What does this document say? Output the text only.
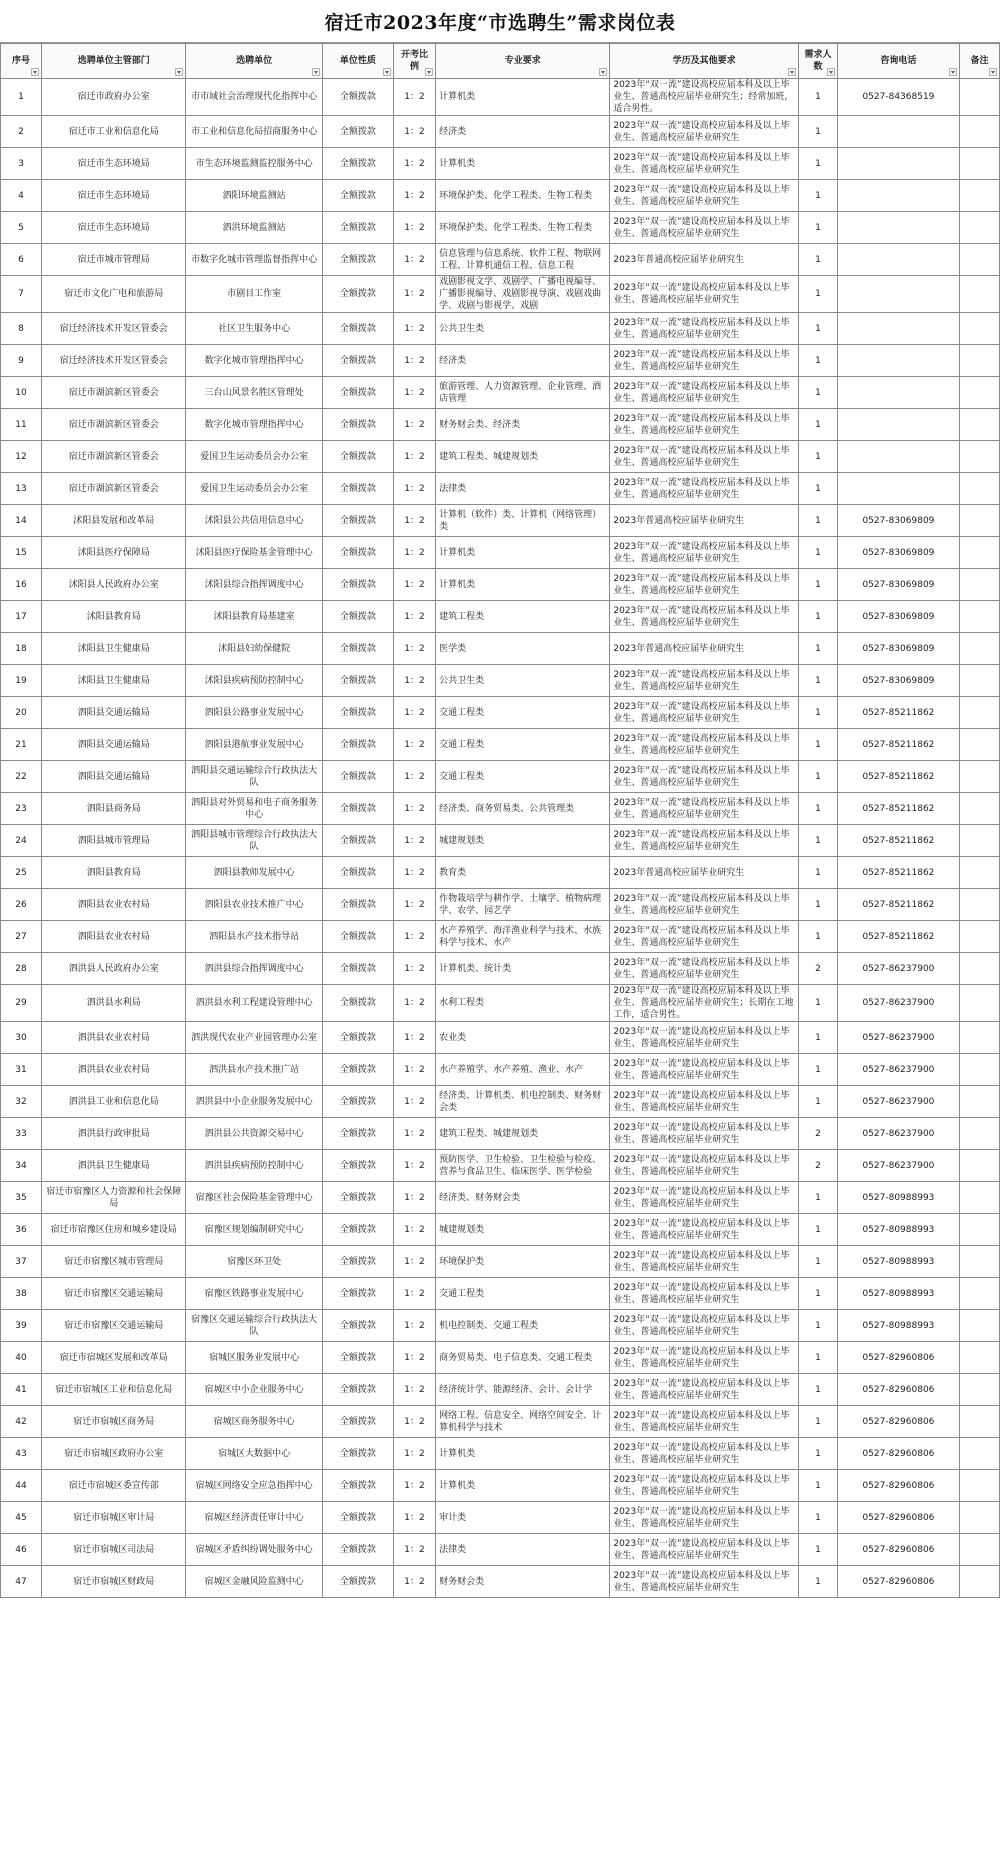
宿迁市2023年度“市选聘生”需求岗位表
序号	选聘单位主管部门	选聘单位	单位性质	开考比例	专业要求	学历及其他要求	需求人数	咨询电话	备注

1	宿迁市政府办公室	市市域社会治理现代化指挥中心	全额拨款	1：2	计算机类	2023年“双一流”建设高校应届本科及以上毕业生、普通高校应届毕业研究生；经常加班，适合男性。	1	0527-84368519	
2	宿迁市工业和信息化局	市工业和信息化局招商服务中心	全额拨款	1：2	经济类	2023年“双一流”建设高校应届本科及以上毕业生、普通高校应届毕业研究生	1		
3	宿迁市生态环境局	市生态环境监测监控服务中心	全额拨款	1：2	计算机类	2023年“双一流”建设高校应届本科及以上毕业生、普通高校应届毕业研究生	1		
4	宿迁市生态环境局	泗阳环境监测站	全额拨款	1：2	环境保护类、化学工程类、生物工程类	2023年“双一流”建设高校应届本科及以上毕业生、普通高校应届毕业研究生	1		
5	宿迁市生态环境局	泗洪环境监测站	全额拨款	1：2	环境保护类、化学工程类、生物工程类	2023年“双一流”建设高校应届本科及以上毕业生、普通高校应届毕业研究生	1		
6	宿迁市城市管理局	市数字化城市管理监督指挥中心	全额拨款	1：2	信息管理与信息系统、软件工程、物联网工程、计算机通信工程、信息工程	2023年普通高校应届毕业研究生	1		
7	宿迁市文化广电和旅游局	市剧目工作室	全额拨款	1：2	戏剧影视文学、戏剧学、广播电视编导、广播影视编导、戏剧影视导演、戏剧戏曲学、戏剧与影视学、戏剧	2023年“双一流”建设高校应届本科及以上毕业生、普通高校应届毕业研究生	1		
8	宿迁经济技术开发区管委会	社区卫生服务中心	全额拨款	1：2	公共卫生类	2023年“双一流”建设高校应届本科及以上毕业生、普通高校应届毕业研究生	1		
9	宿迁经济技术开发区管委会	数字化城市管理指挥中心	全额拨款	1：2	经济类	2023年“双一流”建设高校应届本科及以上毕业生、普通高校应届毕业研究生	1		
10	宿迁市湖滨新区管委会	三台山风景名胜区管理处	全额拨款	1：2	旅游管理、人力资源管理、企业管理、酒店管理	2023年“双一流”建设高校应届本科及以上毕业生、普通高校应届毕业研究生	1		
11	宿迁市湖滨新区管委会	数字化城市管理指挥中心	全额拨款	1：2	财务财会类、经济类	2023年“双一流”建设高校应届本科及以上毕业生、普通高校应届毕业研究生	1		
12	宿迁市湖滨新区管委会	爱国卫生运动委员会办公室	全额拨款	1：2	建筑工程类、城建规划类	2023年“双一流”建设高校应届本科及以上毕业生、普通高校应届毕业研究生	1		
13	宿迁市湖滨新区管委会	爱国卫生运动委员会办公室	全额拨款	1：2	法律类	2023年“双一流”建设高校应届本科及以上毕业生、普通高校应届毕业研究生	1		
14	沭阳县发展和改革局	沭阳县公共信用信息中心	全额拨款	1：2	计算机（软件）类、计算机（网络管理）类	2023年普通高校应届毕业研究生	1	0527-83069809	
15	沭阳县医疗保障局	沭阳县医疗保险基金管理中心	全额拨款	1：2	计算机类	2023年“双一流”建设高校应届本科及以上毕业生、普通高校应届毕业研究生	1	0527-83069809	
16	沭阳县人民政府办公室	沭阳县综合指挥调度中心	全额拨款	1：2	计算机类	2023年“双一流”建设高校应届本科及以上毕业生、普通高校应届毕业研究生	1	0527-83069809	
17	沭阳县教育局	沭阳县教育局基建室	全额拨款	1：2	建筑工程类	2023年“双一流”建设高校应届本科及以上毕业生、普通高校应届毕业研究生	1	0527-83069809	
18	沭阳县卫生健康局	沭阳县妇幼保健院	全额拨款	1：2	医学类	2023年普通高校应届毕业研究生	1	0527-83069809	
19	沭阳县卫生健康局	沭阳县疾病预防控制中心	全额拨款	1：2	公共卫生类	2023年“双一流”建设高校应届本科及以上毕业生、普通高校应届毕业研究生	1	0527-83069809	
20	泗阳县交通运输局	泗阳县公路事业发展中心	全额拨款	1：2	交通工程类	2023年“双一流”建设高校应届本科及以上毕业生、普通高校应届毕业研究生	1	0527-85211862	
21	泗阳县交通运输局	泗阳县港航事业发展中心	全额拨款	1：2	交通工程类	2023年“双一流”建设高校应届本科及以上毕业生、普通高校应届毕业研究生	1	0527-85211862	
22	泗阳县交通运输局	泗阳县交通运输综合行政执法大队	全额拨款	1：2	交通工程类	2023年“双一流”建设高校应届本科及以上毕业生、普通高校应届毕业研究生	1	0527-85211862	
23	泗阳县商务局	泗阳县对外贸易和电子商务服务中心	全额拨款	1：2	经济类、商务贸易类、公共管理类	2023年“双一流”建设高校应届本科及以上毕业生、普通高校应届毕业研究生	1	0527-85211862	
24	泗阳县城市管理局	泗阳县城市管理综合行政执法大队	全额拨款	1：2	城建规划类	2023年“双一流”建设高校应届本科及以上毕业生、普通高校应届毕业研究生	1	0527-85211862	
25	泗阳县教育局	泗阳县教师发展中心	全额拨款	1：2	教育类	2023年普通高校应届毕业研究生	1	0527-85211862	
26	泗阳县农业农村局	泗阳县农业技术推广中心	全额拨款	1：2	作物栽培学与耕作学、土壤学、植物病理学、农学、园艺学	2023年“双一流”建设高校应届本科及以上毕业生、普通高校应届毕业研究生	1	0527-85211862	
27	泗阳县农业农村局	泗阳县水产技术指导站	全额拨款	1：2	水产养殖学、海洋渔业科学与技术、水族科学与技术、水产	2023年“双一流”建设高校应届本科及以上毕业生、普通高校应届毕业研究生	1	0527-85211862	
28	泗洪县人民政府办公室	泗洪县综合指挥调度中心	全额拨款	1：2	计算机类、统计类	2023年“双一流”建设高校应届本科及以上毕业生、普通高校应届毕业研究生	2	0527-86237900	
29	泗洪县水利局	泗洪县水利工程建设管理中心	全额拨款	1：2	水利工程类	2023年“双一流”建设高校应届本科及以上毕业生、普通高校应届毕业研究生；长期在工地工作，适合男性。	1	0527-86237900	
30	泗洪县农业农村局	泗洪现代农业产业园管理办公室	全额拨款	1：2	农业类	2023年“双一流”建设高校应届本科及以上毕业生、普通高校应届毕业研究生	1	0527-86237900	
31	泗洪县农业农村局	泗洪县水产技术推广站	全额拨款	1：2	水产养殖学、水产养殖、渔业、水产	2023年“双一流”建设高校应届本科及以上毕业生、普通高校应届毕业研究生	1	0527-86237900	
32	泗洪县工业和信息化局	泗洪县中小企业服务发展中心	全额拨款	1：2	经济类、计算机类、机电控制类、财务财会类	2023年“双一流”建设高校应届本科及以上毕业生、普通高校应届毕业研究生	1	0527-86237900	
33	泗洪县行政审批局	泗洪县公共资源交易中心	全额拨款	1：2	建筑工程类、城建规划类	2023年“双一流”建设高校应届本科及以上毕业生、普通高校应届毕业研究生	2	0527-86237900	
34	泗洪县卫生健康局	泗洪县疾病预防控制中心	全额拨款	1：2	预防医学、卫生检验、卫生检验与检疫、营养与食品卫生、临床医学、医学检验	2023年“双一流”建设高校应届本科及以上毕业生、普通高校应届毕业研究生	2	0527-86237900	
35	宿迁市宿豫区人力资源和社会保障局	宿豫区社会保险基金管理中心	全额拨款	1：2	经济类、财务财会类	2023年“双一流”建设高校应届本科及以上毕业生、普通高校应届毕业研究生	1	0527-80988993	
36	宿迁市宿豫区住房和城乡建设局	宿豫区规划编制研究中心	全额拨款	1：2	城建规划类	2023年“双一流”建设高校应届本科及以上毕业生、普通高校应届毕业研究生	1	0527-80988993	
37	宿迁市宿豫区城市管理局	宿豫区环卫处	全额拨款	1：2	环境保护类	2023年“双一流”建设高校应届本科及以上毕业生、普通高校应届毕业研究生	1	0527-80988993	
38	宿迁市宿豫区交通运输局	宿豫区铁路事业发展中心	全额拨款	1：2	交通工程类	2023年“双一流”建设高校应届本科及以上毕业生、普通高校应届毕业研究生	1	0527-80988993	
39	宿迁市宿豫区交通运输局	宿豫区交通运输综合行政执法大队	全额拨款	1：2	机电控制类、交通工程类	2023年“双一流”建设高校应届本科及以上毕业生、普通高校应届毕业研究生	1	0527-80988993	
40	宿迁市宿城区发展和改革局	宿城区服务业发展中心	全额拨款	1：2	商务贸易类、电子信息类、交通工程类	2023年“双一流”建设高校应届本科及以上毕业生、普通高校应届毕业研究生	1	0527-82960806	
41	宿迁市宿城区工业和信息化局	宿城区中小企业服务中心	全额拨款	1：2	经济统计学、能源经济、会计、会计学	2023年“双一流”建设高校应届本科及以上毕业生、普通高校应届毕业研究生	1	0527-82960806	
42	宿迁市宿城区商务局	宿城区商务服务中心	全额拨款	1：2	网络工程、信息安全、网络空间安全、计算机科学与技术	2023年“双一流”建设高校应届本科及以上毕业生、普通高校应届毕业研究生	1	0527-82960806	
43	宿迁市宿城区政府办公室	宿城区大数据中心	全额拨款	1：2	计算机类	2023年“双一流”建设高校应届本科及以上毕业生、普通高校应届毕业研究生	1	0527-82960806	
44	宿迁市宿城区委宣传部	宿城区网络安全应急指挥中心	全额拨款	1：2	计算机类	2023年“双一流”建设高校应届本科及以上毕业生、普通高校应届毕业研究生	1	0527-82960806	
45	宿迁市宿城区审计局	宿城区经济责任审计中心	全额拨款	1：2	审计类	2023年“双一流”建设高校应届本科及以上毕业生、普通高校应届毕业研究生	1	0527-82960806	
46	宿迁市宿城区司法局	宿城区矛盾纠纷调处服务中心	全额拨款	1：2	法律类	2023年“双一流”建设高校应届本科及以上毕业生、普通高校应届毕业研究生	1	0527-82960806	
47	宿迁市宿城区财政局	宿城区金融风险监测中心	全额拨款	1：2	财务财会类	2023年“双一流”建设高校应届本科及以上毕业生、普通高校应届毕业研究生	1	0527-82960806	
